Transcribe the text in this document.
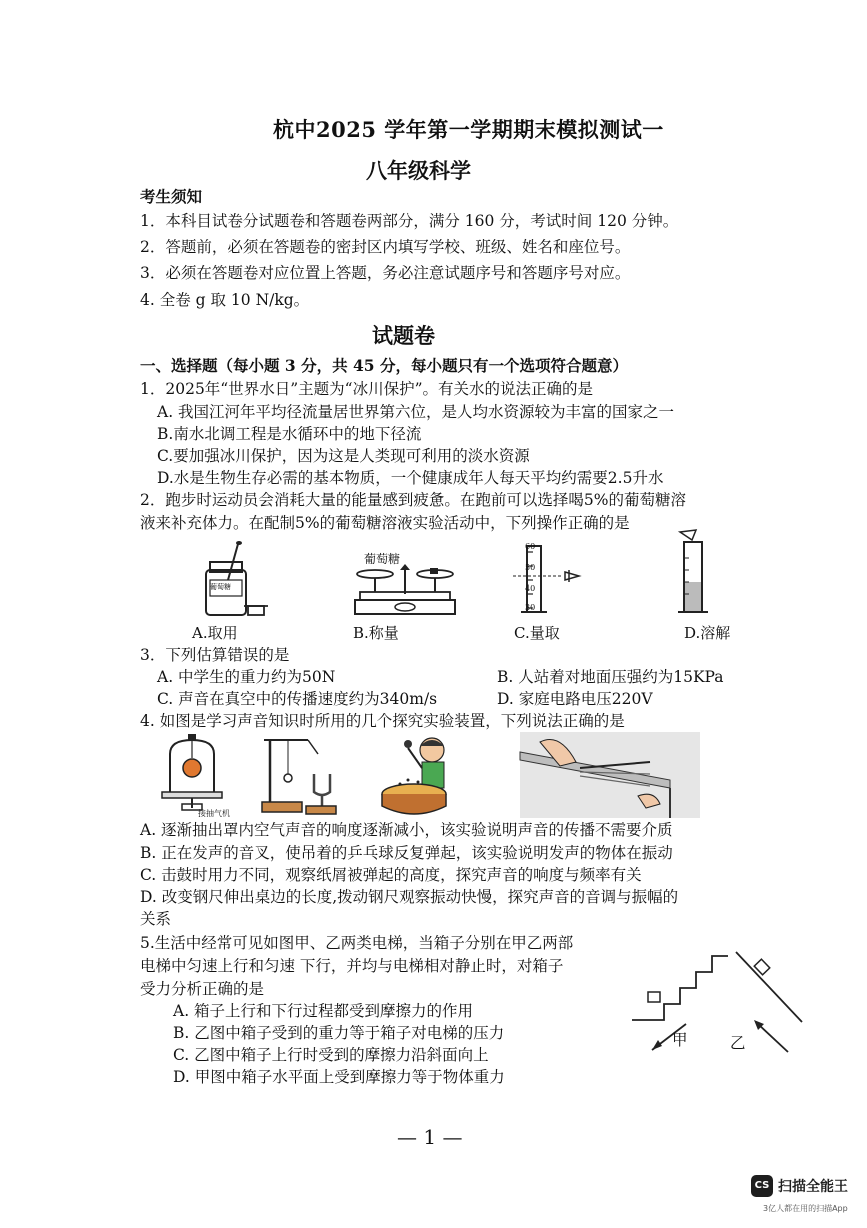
杭中2025 学年第一学期期末模拟测试一
八年级科学
考生须知
1．本科目试卷分试题卷和答题卷两部分，满分 160 分，考试时间 120 分钟。
2．答题前，必须在答题卷的密封区内填写学校、班级、姓名和座位号。
3．必须在答题卷对应位置上答题，务必注意试题序号和答题序号对应。
4. 全卷 g 取 10 N/kg。
试题卷
一、选择题（每小题 3 分，共 45 分，每小题只有一个选项符合题意）
1．2025年“世界水日”主题为“冰川保护”。有关水的说法正确的是
A. 我国江河年平均径流量居世界第六位，是人均水资源较为丰富的国家之一
B.南水北调工程是水循环中的地下径流
C.要加强冰川保护，因为这是人类现可利用的淡水资源
D.水是生物生存必需的基本物质，一个健康成年人每天平均约需要2.5升水
2．跑步时运动员会消耗大量的能量感到疲惫。在跑前可以选择喝5%的葡萄糖溶
液来补充体力。在配制5%的葡萄糖溶液实验活动中，下列操作正确的是
葡萄糖
葡萄糖
60
50
40
30
A.取用	B.称量	C.量取	D.溶解
3．下列估算错误的是
A. 中学生的重力约为50N	B. 人站着对地面压强约为15KPa
C. 声音在真空中的传播速度约为340m/s	D. 家庭电路电压220V
4. 如图是学习声音知识时所用的几个探究实验装置，下列说法正确的是
接抽气机
A. 逐渐抽出罩内空气声音的响度逐渐减小，该实验说明声音的传播不需要介质
B. 正在发声的音叉，使吊着的乒乓球反复弹起，该实验说明发声的物体在振动
C. 击鼓时用力不同，观察纸屑被弹起的高度，探究声音的响度与频率有关
D. 改变钢尺伸出桌边的长度,拨动钢尺观察振动快慢，探究声音的音调与振幅的
关系
5.生活中经常可见如图甲、乙两类电梯，当箱子分别在甲乙两部
电梯中匀速上行和匀速 下行，并均与电梯相对静止时，对箱子
受力分析正确的是
A. 箱子上行和下行过程都受到摩擦力的作用
B. 乙图中箱子受到的重力等于箱子对电梯的压力
C. 乙图中箱子上行时受到的摩擦力沿斜面向上
D. 甲图中箱子水平面上受到摩擦力等于物体重力
甲	乙
— 1 —
CS 扫描全能王
3亿人都在用的扫描App
